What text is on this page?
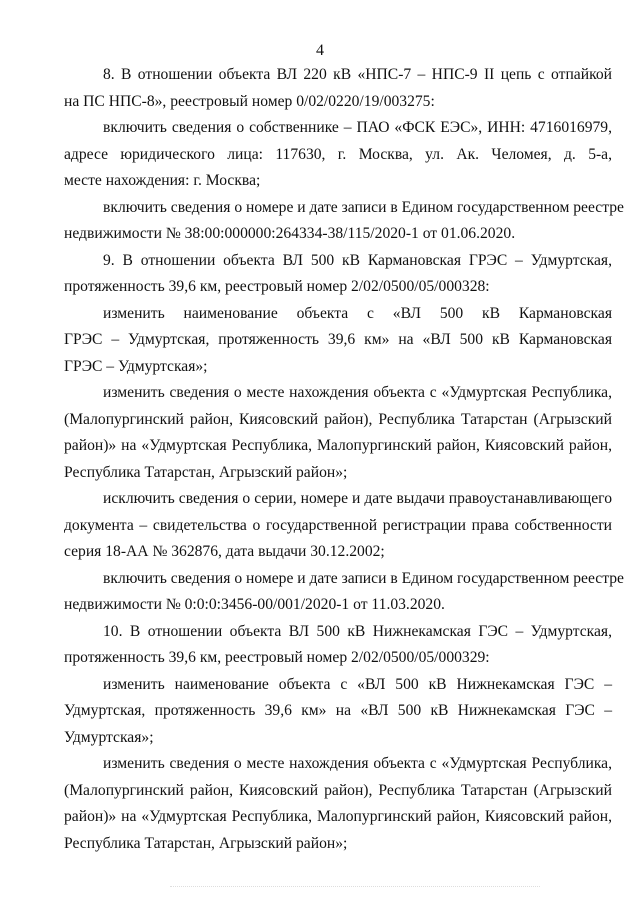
4

8. В отношении объекта ВЛ 220 кВ «НПС-7 – НПС-9 II цепь с отпайкой
на ПС НПС-8», реестровый номер 0/02/0220/19/003275:

включить сведения о собственнике – ПАО «ФСК ЕЭС», ИНН: 4716016979,
адресе юридического лица: 117630, г. Москва, ул. Ак. Челомея, д. 5-а,
месте нахождения: г. Москва;

включить сведения о номере и дате записи в Едином государственном реестре
недвижимости № 38:00:000000:264334-38/115/2020-1 от 01.06.2020.

9. В отношении объекта ВЛ 500 кВ Кармановская ГРЭС – Удмуртская,
протяженность 39,6 км, реестровый номер 2/02/0500/05/000328:

изменить наименование объекта с «ВЛ 500 кВ Кармановская
ГРЭС – Удмуртская, протяженность 39,6 км» на «ВЛ 500 кВ Кармановская
ГРЭС – Удмуртская»;

изменить сведения о месте нахождения объекта с «Удмуртская Республика,
(Малопургинский район, Киясовский район), Республика Татарстан (Агрызский
район)» на «Удмуртская Республика, Малопургинский район, Киясовский район,
Республика Татарстан, Агрызский район»;

исключить сведения о серии, номере и дате выдачи правоустанавливающего
документа – свидетельства о государственной регистрации права собственности
серия 18-АА № 362876, дата выдачи 30.12.2002;

включить сведения о номере и дате записи в Едином государственном реестре
недвижимости № 0:0:0:3456-00/001/2020-1 от 11.03.2020.

10. В отношении объекта ВЛ 500 кВ Нижнекамская ГЭС – Удмуртская,
протяженность 39,6 км, реестровый номер 2/02/0500/05/000329:

изменить наименование объекта с «ВЛ 500 кВ Нижнекамская ГЭС –
Удмуртская, протяженность 39,6 км» на «ВЛ 500 кВ Нижнекамская ГЭС –
Удмуртская»;

изменить сведения о месте нахождения объекта с «Удмуртская Республика,
(Малопургинский район, Киясовский район), Республика Татарстан (Агрызский
район)» на «Удмуртская Республика, Малопургинский район, Киясовский район,
Республика Татарстан, Агрызский район»;
